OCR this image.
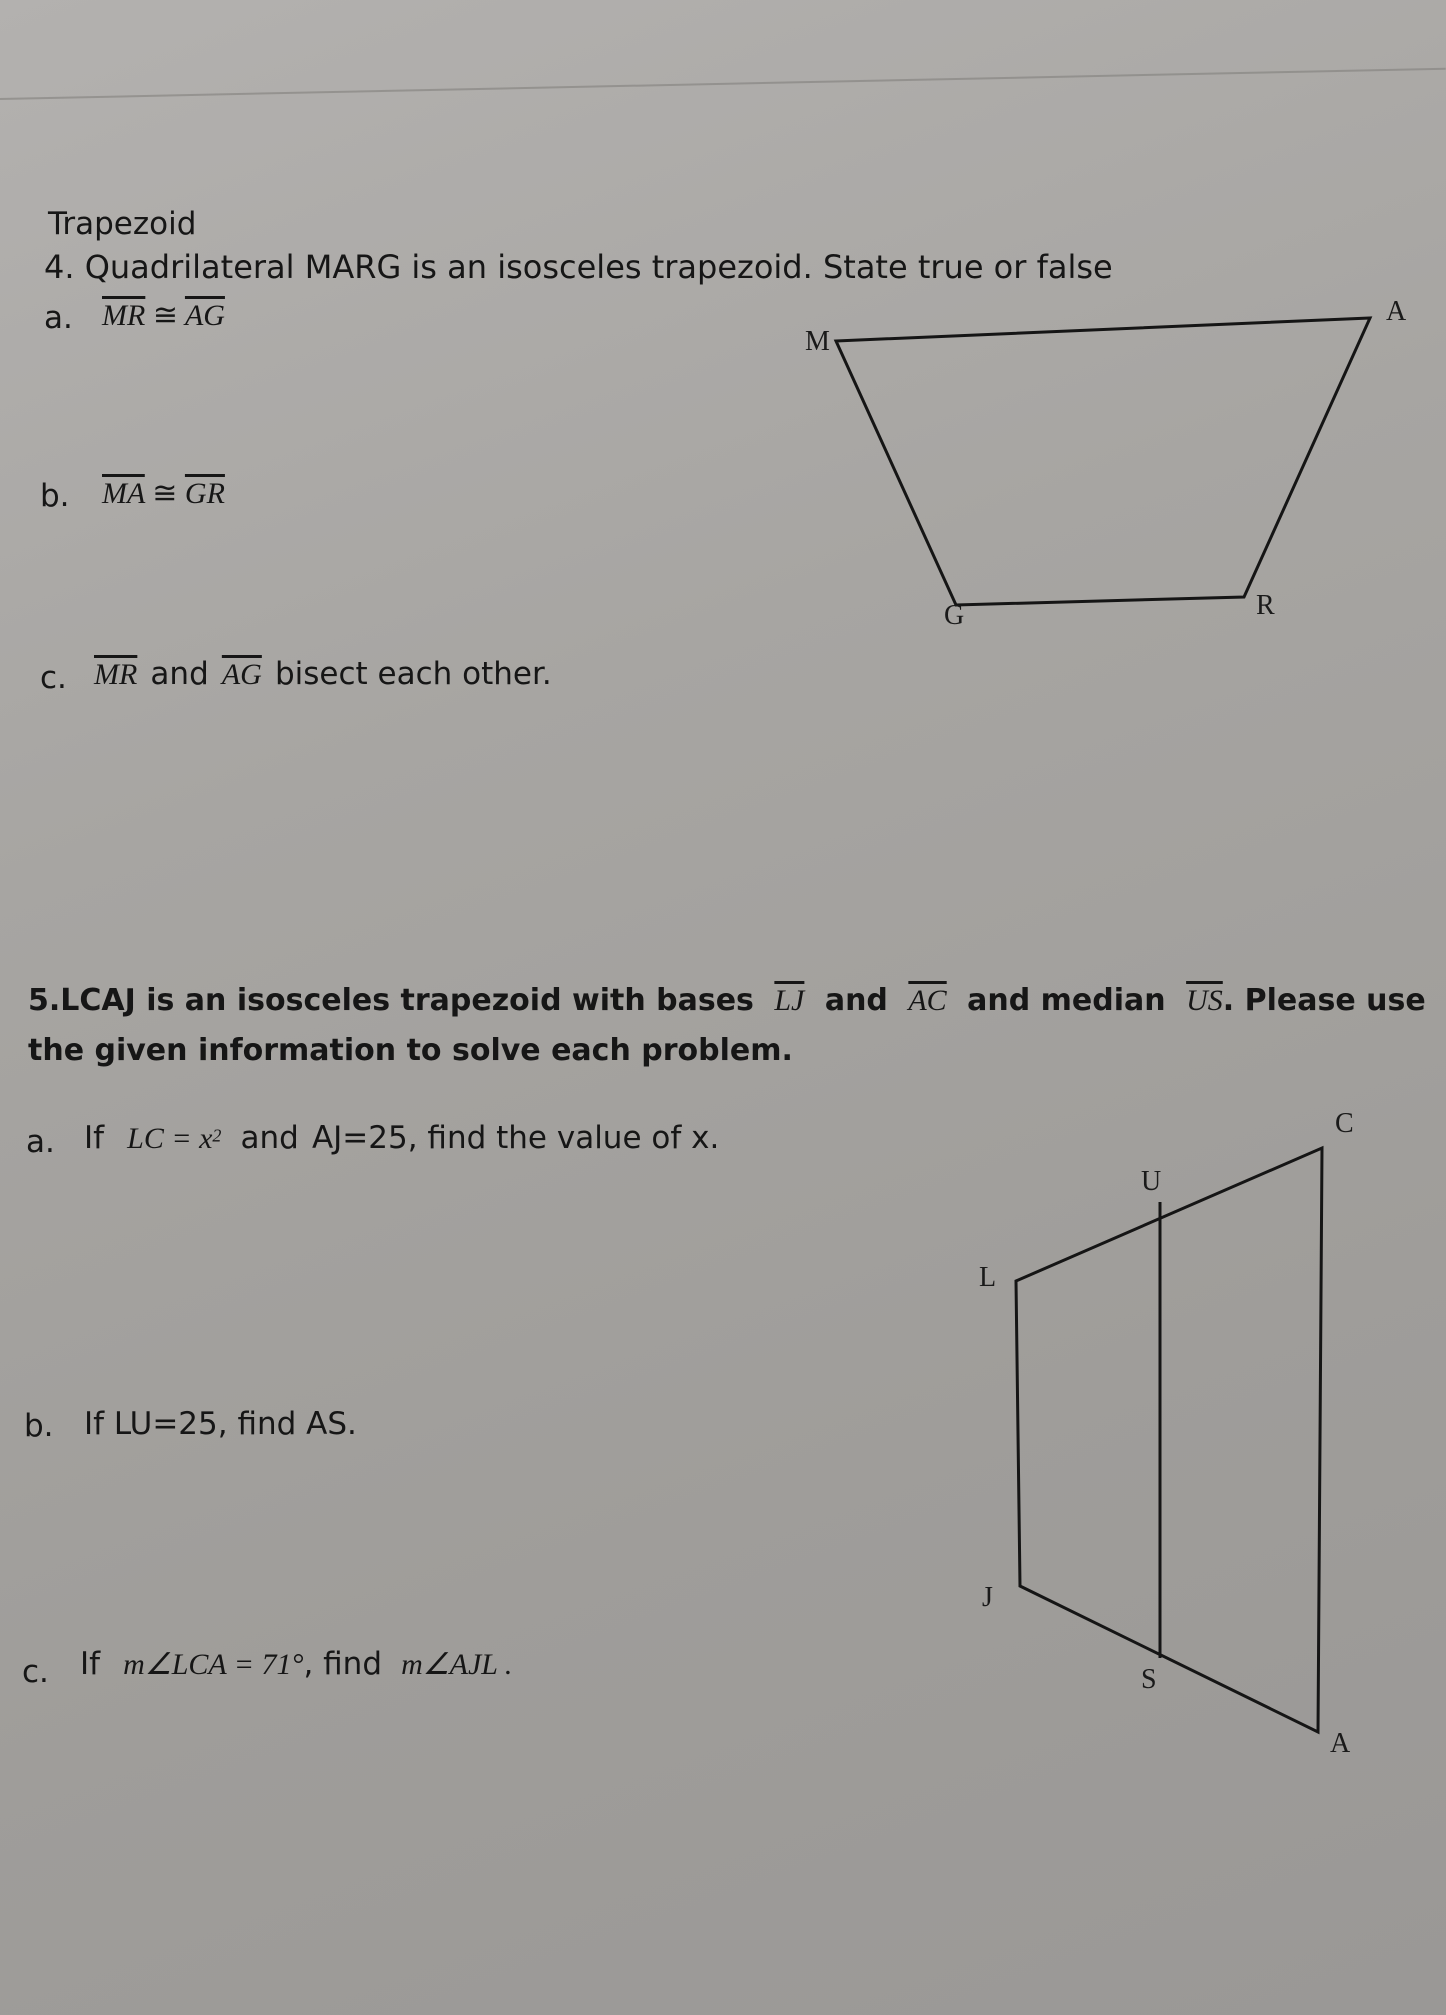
Trapezoid
4. Quadrilateral MARG is an isosceles trapezoid. State true or false
a. $\overline{MR}$ ≅ $\overline{AG}$
b. $\overline{MA}$ ≅ $\overline{GR}$
c. $\overline{MR}$ and $\overline{AG}$ bisect each other.
5.LCAJ is an isosceles trapezoid with bases $\overline{LJ}$ and $\overline{AC}$ and median $\overline{US}$. Please use
the given information to solve each problem.
a. If LC = $x^2$ and AJ=25, find the value of x.
b. If LU=25, find AS.
c. If m∠LCA = 71°, find m∠AJL .
M
A
R
G
C
U
L
J
S
A
